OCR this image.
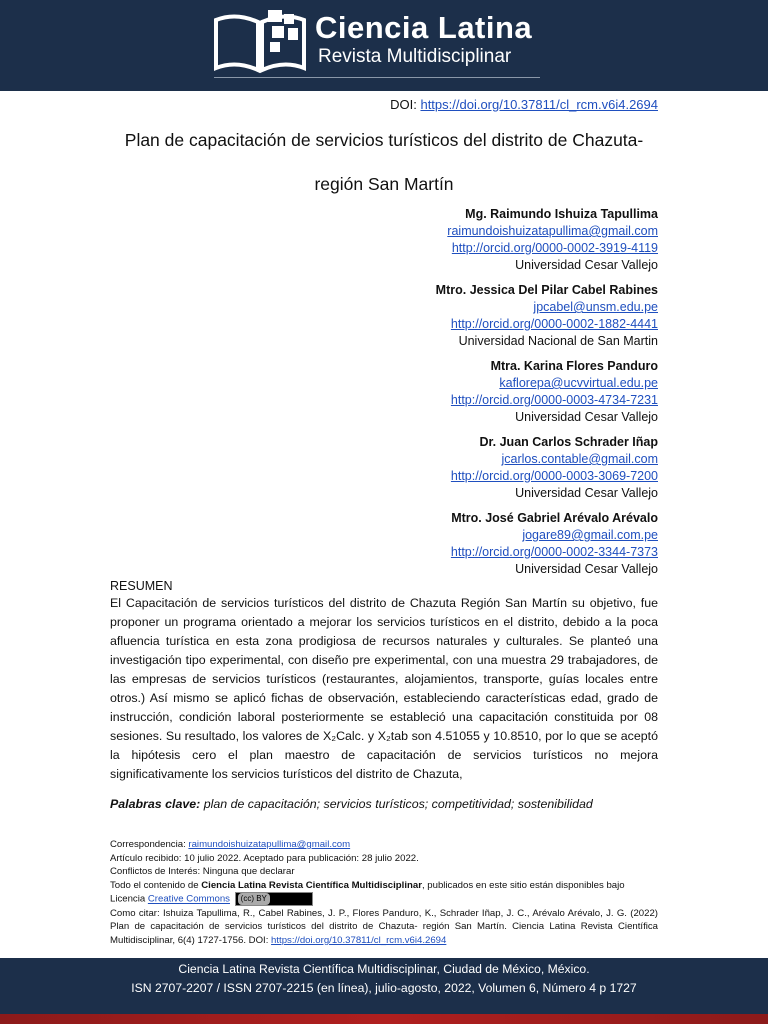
Ciencia Latina
Revista Multidisciplinar
DOI: https://doi.org/10.37811/cl_rcm.v6i4.2694
Plan de capacitación de servicios turísticos del distrito de Chazuta-
región San Martín
Mg. Raimundo Ishuiza Tapullima
raimundoishuizatapullima@gmail.com
http://orcid.org/0000-0002-3919-4119
Universidad Cesar Vallejo
Mtro. Jessica Del Pilar Cabel Rabines
jpcabel@unsm.edu.pe
http://orcid.org/0000-0002-1882-4441
Universidad Nacional de San Martin
Mtra. Karina Flores Panduro
kaflorepa@ucvvirtual.edu.pe
http://orcid.org/0000-0003-4734-7231
Universidad Cesar Vallejo
Dr. Juan Carlos Schrader Iñap
jcarlos.contable@gmail.com
http://orcid.org/0000-0003-3069-7200
Universidad Cesar Vallejo
Mtro. José Gabriel Arévalo Arévalo
jogare89@gmail.com.pe
http://orcid.org/0000-0002-3344-7373
Universidad Cesar Vallejo
RESUMEN

El Capacitación de servicios turísticos del distrito de Chazuta Región San Martín su objetivo, fue proponer un programa orientado a mejorar los servicios turísticos en el distrito, debido a la poca afluencia turística en esta zona prodigiosa de recursos naturales y culturales. Se planteó una investigación tipo experimental, con diseño pre experimental, con una muestra 29 trabajadores, de las empresas de servicios turísticos (restaurantes, alojamientos, transporte, guías locales entre otros.) Así mismo se aplicó fichas de observación, estableciendo características edad, grado de instrucción, condición laboral posteriormente se estableció una capacitación constituida por 08 sesiones. Su resultado, los valores de X₂Calc. y X₂tab son 4.51055 y 10.8510, por lo que se aceptó la hipótesis cero el plan maestro de capacitación de servicios turísticos no mejora significativamente los servicios turísticos del distrito de Chazuta,

Palabras clave: plan de capacitación; servicios turísticos; competitividad; sostenibilidad

Correspondencia: raimundoishuizatapullima@gmail.com
Artículo recibido: 10 julio 2022. Aceptado para publicación: 28 julio 2022.
Conflictos de Interés: Ninguna que declarar
Todo el contenido de Ciencia Latina Revista Científica Multidisciplinar, publicados en este sitio están disponibles bajo
Licencia Creative Commons (cc) BY
Como citar: Ishuiza Tapullima, R., Cabel Rabines, J. P., Flores Panduro, K., Schrader Iñap, J. C., Arévalo Arévalo, J. G. (2022) Plan de capacitación de servicios turísticos del distrito de Chazuta- región San Martín. Ciencia Latina Revista Científica Multidisciplinar, 6(4) 1727-1756. DOI: https://doi.org/10.37811/cl_rcm.v6i4.2694
Ciencia Latina Revista Científica Multidisciplinar, Ciudad de México, México.
ISN 2707-2207 / ISSN 2707-2215 (en línea), julio-agosto, 2022, Volumen 6, Número 4 p 1727
